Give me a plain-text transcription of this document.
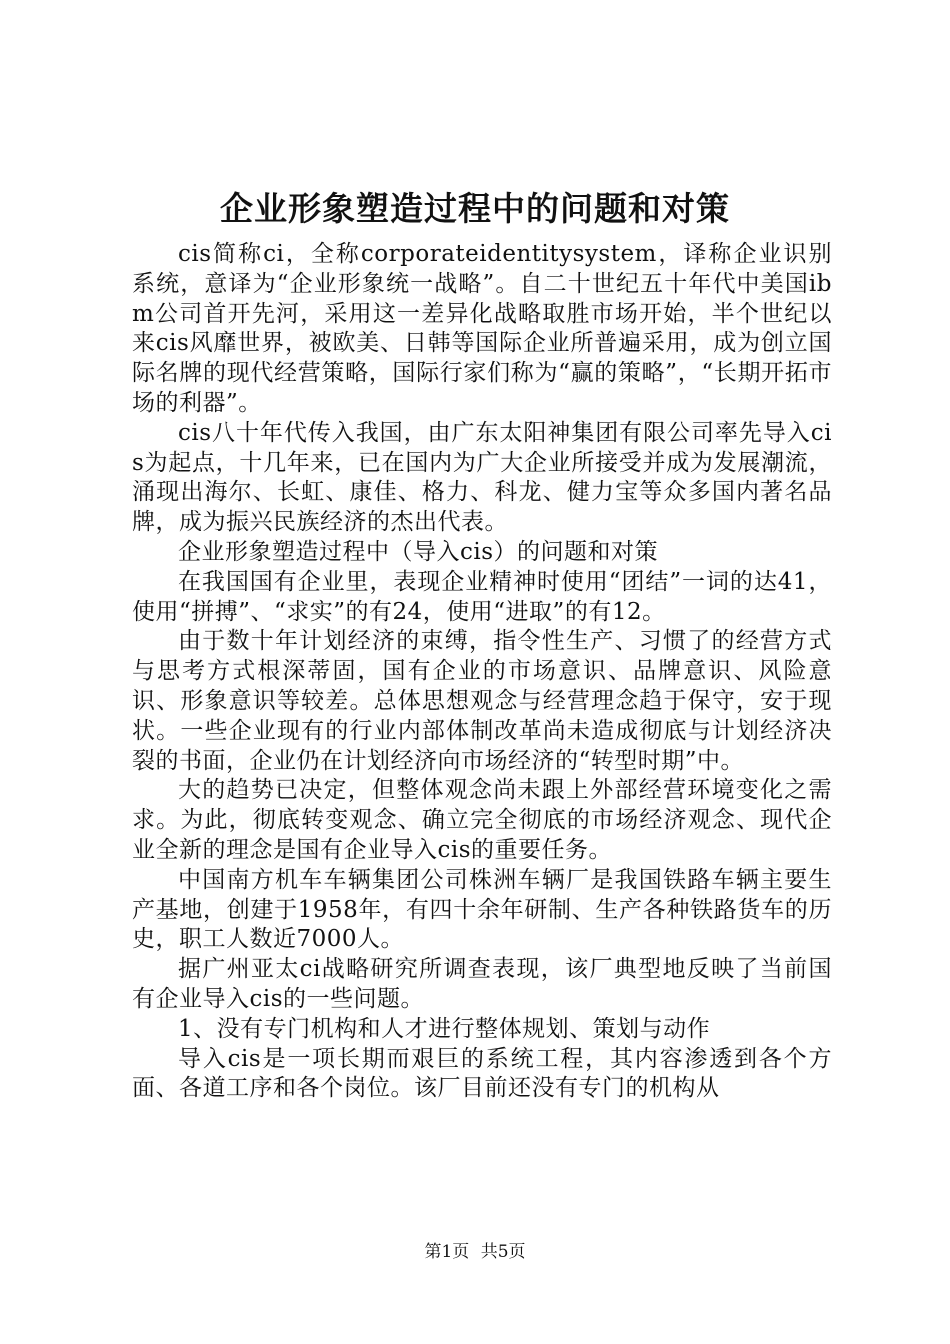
企业形象塑造过程中的问题和对策

cis简称ci，全称corporateidentitysystem，译称企业识别系统，意译为“企业形象统一战略”。自二十世纪五十年代中美国ibm公司首开先河，采用这一差异化战略取胜市场开始，半个世纪以来cis风靡世界，被欧美、日韩等国际企业所普遍采用，成为创立国际名牌的现代经营策略，国际行家们称为“赢的策略”，“长期开拓市场的利器”。

cis八十年代传入我国，由广东太阳神集团有限公司率先导入cis为起点，十几年来，已在国内为广大企业所接受并成为发展潮流，涌现出海尔、长虹、康佳、格力、科龙、健力宝等众多国内著名品牌，成为振兴民族经济的杰出代表。

企业形象塑造过程中（导入cis）的问题和对策

在我国国有企业里，表现企业精神时使用“团结”一词的达41，使用“拼搏”、“求实”的有24，使用“进取”的有12。

由于数十年计划经济的束缚，指令性生产、习惯了的经营方式与思考方式根深蒂固，国有企业的市场意识、品牌意识、风险意识、形象意识等较差。总体思想观念与经营理念趋于保守，安于现状。一些企业现有的行业内部体制改革尚未造成彻底与计划经济决裂的书面，企业仍在计划经济向市场经济的“转型时期”中。

大的趋势已决定，但整体观念尚未跟上外部经营环境变化之需求。为此，彻底转变观念、确立完全彻底的市场经济观念、现代企业全新的理念是国有企业导入cis的重要任务。

中国南方机车车辆集团公司株洲车辆厂是我国铁路车辆主要生产基地，创建于1958年，有四十余年研制、生产各种铁路货车的历史，职工人数近7000人。

据广州亚太ci战略研究所调查表现，该厂典型地反映了当前国有企业导入cis的一些问题。

1、没有专门机构和人才进行整体规划、策划与动作

导入cis是一项长期而艰巨的系统工程，其内容渗透到各个方面、各道工序和各个岗位。该厂目前还没有专门的机构从

第1页 共5页
